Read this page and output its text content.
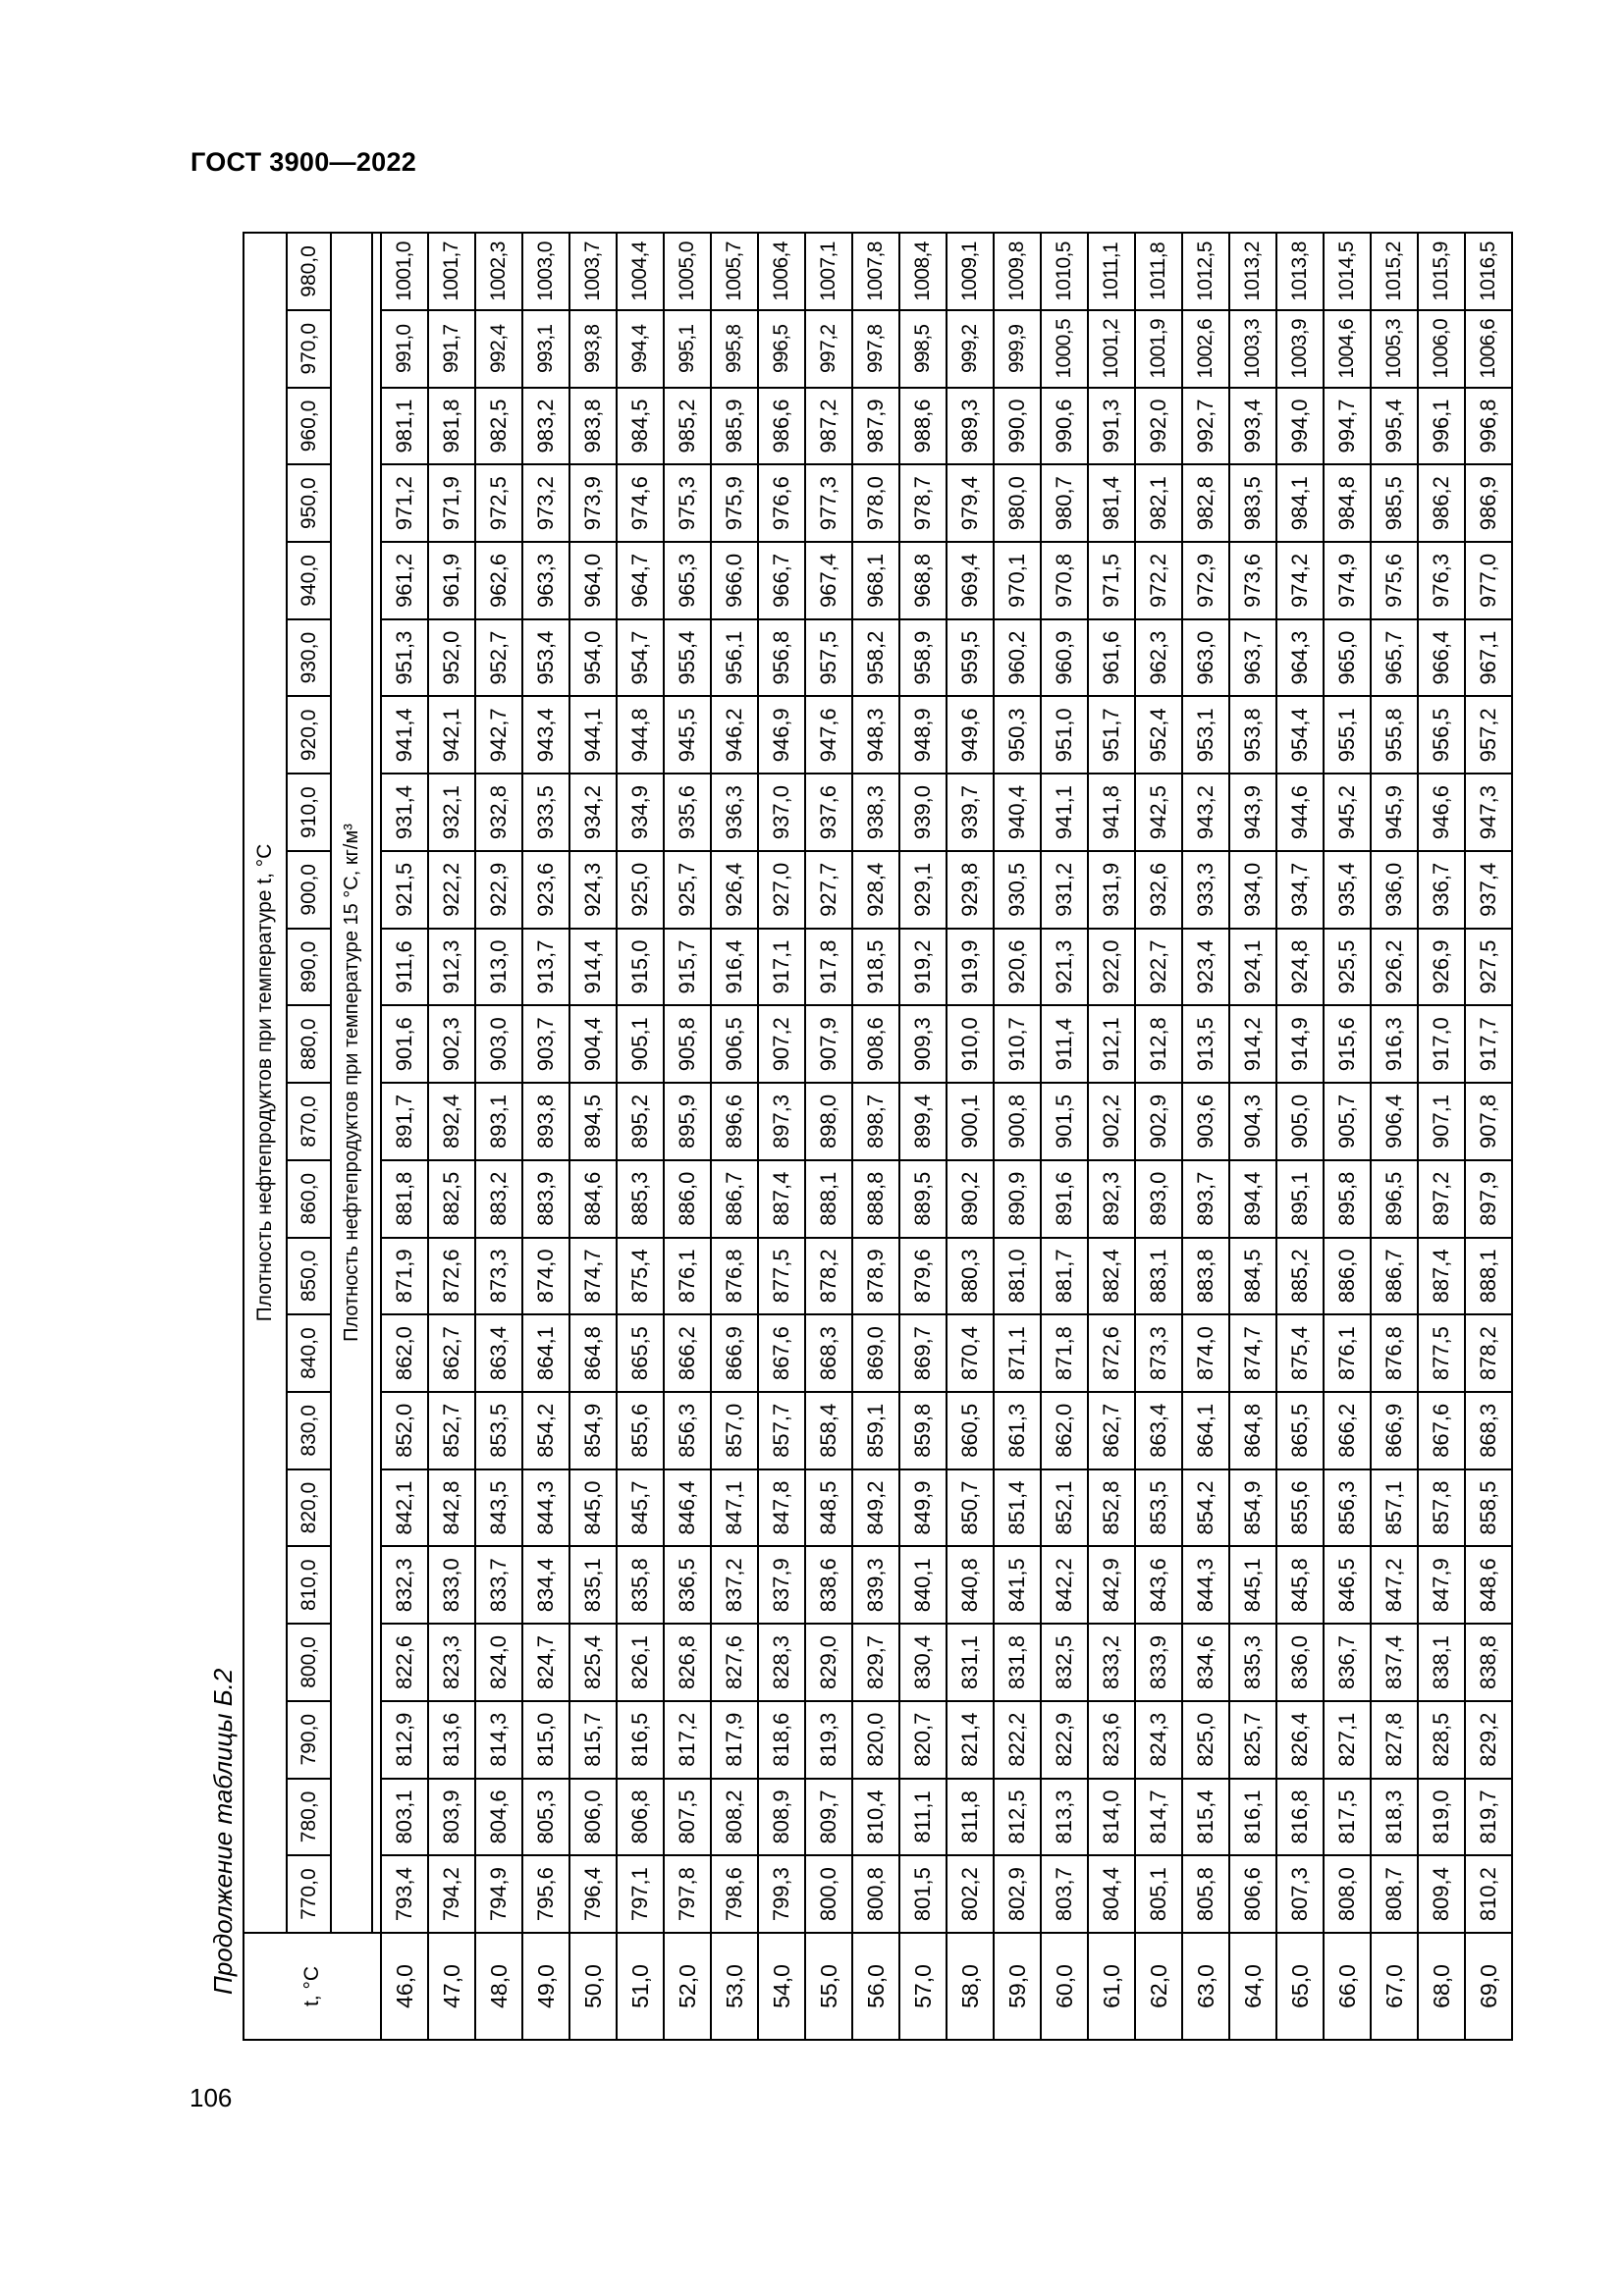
ГОСТ 3900—2022
106
Продолжение таблицы Б.2	t, °C	Плотность нефтепродуктов при температуре t, °C																					
	770,0	780,0	790,0	800,0	810,0	820,0	830,0	840,0	850,0	860,0	870,0	880,0	890,0	900,0	910,0	920,0	930,0	940,0	950,0	960,0	970,0	980,0
	Плотность нефтепродуктов при температуре 15 °C, кг/м³																					

46,0	793,4	803,1	812,9	822,6	832,3	842,1	852,0	862,0	871,9	881,8	891,7	901,6	911,6	921,5	931,4	941,4	951,3	961,2	971,2	981,1	991,0	1001,0
47,0	794,2	803,9	813,6	823,3	833,0	842,8	852,7	862,7	872,6	882,5	892,4	902,3	912,3	922,2	932,1	942,1	952,0	961,9	971,9	981,8	991,7	1001,7
48,0	794,9	804,6	814,3	824,0	833,7	843,5	853,5	863,4	873,3	883,2	893,1	903,0	913,0	922,9	932,8	942,7	952,7	962,6	972,5	982,5	992,4	1002,3
49,0	795,6	805,3	815,0	824,7	834,4	844,3	854,2	864,1	874,0	883,9	893,8	903,7	913,7	923,6	933,5	943,4	953,4	963,3	973,2	983,2	993,1	1003,0
50,0	796,4	806,0	815,7	825,4	835,1	845,0	854,9	864,8	874,7	884,6	894,5	904,4	914,4	924,3	934,2	944,1	954,0	964,0	973,9	983,8	993,8	1003,7
51,0	797,1	806,8	816,5	826,1	835,8	845,7	855,6	865,5	875,4	885,3	895,2	905,1	915,0	925,0	934,9	944,8	954,7	964,7	974,6	984,5	994,4	1004,4
52,0	797,8	807,5	817,2	826,8	836,5	846,4	856,3	866,2	876,1	886,0	895,9	905,8	915,7	925,7	935,6	945,5	955,4	965,3	975,3	985,2	995,1	1005,0
53,0	798,6	808,2	817,9	827,6	837,2	847,1	857,0	866,9	876,8	886,7	896,6	906,5	916,4	926,4	936,3	946,2	956,1	966,0	975,9	985,9	995,8	1005,7
54,0	799,3	808,9	818,6	828,3	837,9	847,8	857,7	867,6	877,5	887,4	897,3	907,2	917,1	927,0	937,0	946,9	956,8	966,7	976,6	986,6	996,5	1006,4
55,0	800,0	809,7	819,3	829,0	838,6	848,5	858,4	868,3	878,2	888,1	898,0	907,9	917,8	927,7	937,6	947,6	957,5	967,4	977,3	987,2	997,2	1007,1
56,0	800,8	810,4	820,0	829,7	839,3	849,2	859,1	869,0	878,9	888,8	898,7	908,6	918,5	928,4	938,3	948,3	958,2	968,1	978,0	987,9	997,8	1007,8
57,0	801,5	811,1	820,7	830,4	840,1	849,9	859,8	869,7	879,6	889,5	899,4	909,3	919,2	929,1	939,0	948,9	958,9	968,8	978,7	988,6	998,5	1008,4
58,0	802,2	811,8	821,4	831,1	840,8	850,7	860,5	870,4	880,3	890,2	900,1	910,0	919,9	929,8	939,7	949,6	959,5	969,4	979,4	989,3	999,2	1009,1
59,0	802,9	812,5	822,2	831,8	841,5	851,4	861,3	871,1	881,0	890,9	900,8	910,7	920,6	930,5	940,4	950,3	960,2	970,1	980,0	990,0	999,9	1009,8
60,0	803,7	813,3	822,9	832,5	842,2	852,1	862,0	871,8	881,7	891,6	901,5	911,4	921,3	931,2	941,1	951,0	960,9	970,8	980,7	990,6	1000,5	1010,5
61,0	804,4	814,0	823,6	833,2	842,9	852,8	862,7	872,6	882,4	892,3	902,2	912,1	922,0	931,9	941,8	951,7	961,6	971,5	981,4	991,3	1001,2	1011,1
62,0	805,1	814,7	824,3	833,9	843,6	853,5	863,4	873,3	883,1	893,0	902,9	912,8	922,7	932,6	942,5	952,4	962,3	972,2	982,1	992,0	1001,9	1011,8
63,0	805,8	815,4	825,0	834,6	844,3	854,2	864,1	874,0	883,8	893,7	903,6	913,5	923,4	933,3	943,2	953,1	963,0	972,9	982,8	992,7	1002,6	1012,5
64,0	806,6	816,1	825,7	835,3	845,1	854,9	864,8	874,7	884,5	894,4	904,3	914,2	924,1	934,0	943,9	953,8	963,7	973,6	983,5	993,4	1003,3	1013,2
65,0	807,3	816,8	826,4	836,0	845,8	855,6	865,5	875,4	885,2	895,1	905,0	914,9	924,8	934,7	944,6	954,4	964,3	974,2	984,1	994,0	1003,9	1013,8
66,0	808,0	817,5	827,1	836,7	846,5	856,3	866,2	876,1	886,0	895,8	905,7	915,6	925,5	935,4	945,2	955,1	965,0	974,9	984,8	994,7	1004,6	1014,5
67,0	808,7	818,3	827,8	837,4	847,2	857,1	866,9	876,8	886,7	896,5	906,4	916,3	926,2	936,0	945,9	955,8	965,7	975,6	985,5	995,4	1005,3	1015,2
68,0	809,4	819,0	828,5	838,1	847,9	857,8	867,6	877,5	887,4	897,2	907,1	917,0	926,9	936,7	946,6	956,5	966,4	976,3	986,2	996,1	1006,0	1015,9
69,0	810,2	819,7	829,2	838,8	848,6	858,5	868,3	878,2	888,1	897,9	907,8	917,7	927,5	937,4	947,3	957,2	967,1	977,0	986,9	996,8	1006,6	1016,5
